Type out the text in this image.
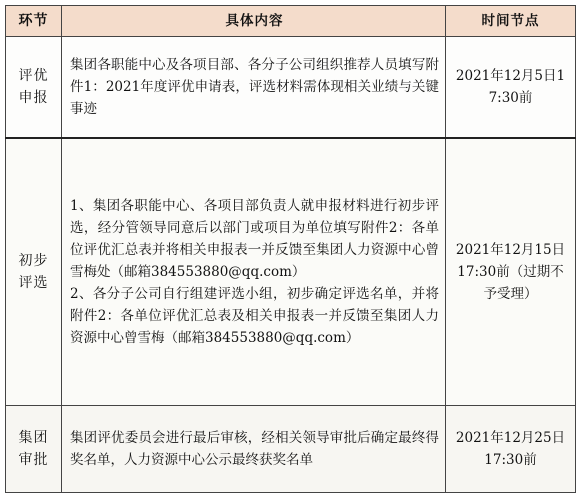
环节	具体内容	时间节点

评优
申报	集团各职能中心及各项目部、各分子公司组织推荐人员填写附件1：2021年度评优申请表，评选材料需体现相关业绩与关键事迹	2021年12月5日17:30前

初步
评选	1、集团各职能中心、各项目部负责人就申报材料进行初步评选，经分管领导同意后以部门或项目为单位填写附件2：各单位评优汇总表并将相关申报表一并反馈至集团人力资源中心曾雪梅处（邮箱384553880@qq.com）
2、各分子公司自行组建评选小组，初步确定评选名单，并将附件2：各单位评优汇总表及相关申报表一并反馈至集团人力资源中心曾雪梅（邮箱384553880@qq.com）	2021年12月15日17:30前（过期不予受理）

集团
审批	集团评优委员会进行最后审核，经相关领导审批后确定最终得奖名单，人力资源中心公示最终获奖名单	2021年12月25日17:30前
